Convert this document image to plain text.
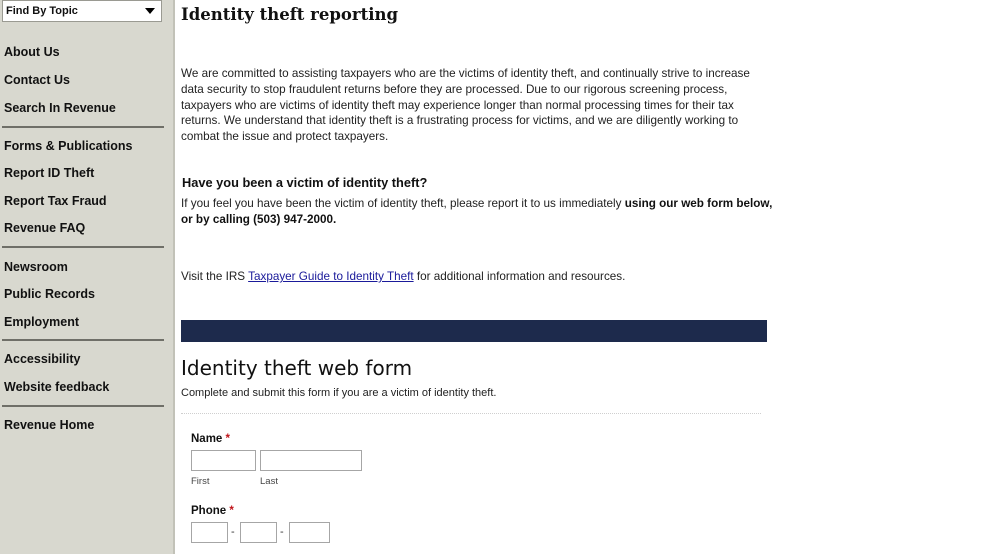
Find By Topic
About Us
Contact Us
Search In Revenue
Forms & Publications
Report ID Theft
Report Tax Fraud
Revenue FAQ
Newsroom
Public Records
Employment
Accessibility
Website feedback
Revenue Home
Identity theft reporting

We are committed to assisting taxpayers who are the victims of identity theft, and continually strive to increase data security to stop fraudulent returns before they are processed. Due to our rigorous screening process, taxpayers who are victims of identity theft may experience longer than normal processing times for their tax returns. We understand that identity theft is a frustrating process for victims, and we are diligently working to combat the issue and protect taxpayers.

Have you been a victim of identity theft?

If you feel you have been the victim of identity theft, please report it to us immediately using our web form below, or by calling (503) 947-2000.

Visit the IRS Taxpayer Guide to Identity Theft for additional information and resources.

Identity theft web form

Complete and submit this form if you are a victim of identity theft.

Name *
First	Last
Phone *
-	-
